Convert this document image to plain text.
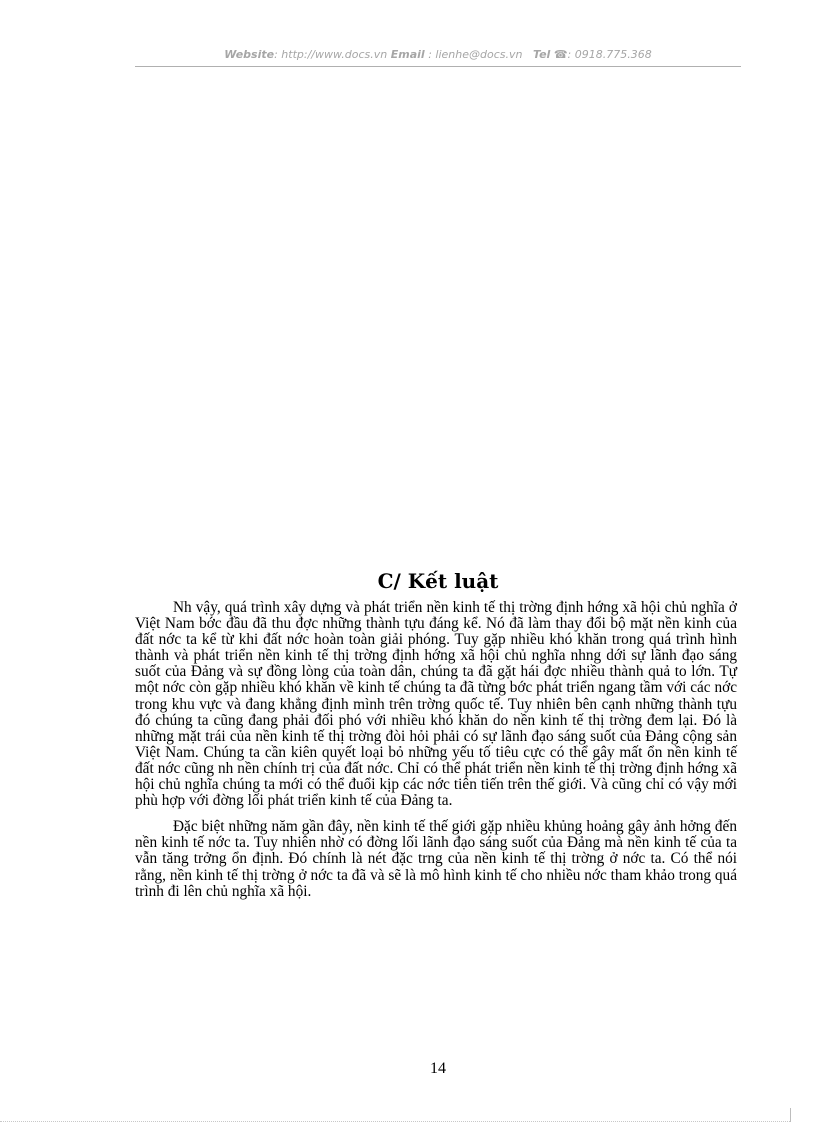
Website: http://www.docs.vn Email : lienhe@docs.vn Tel ☎: 0918.775.368
C/ Kết luật

Nh vậy, quá trình xây dựng và phát triển nền kinh tế thị trờng định hớng xã hội chủ nghĩa ở Việt Nam bớc đầu đã thu đợc những thành tựu đáng kể. Nó đã làm thay đổi bộ mặt nền kinh của đất nớc ta kể từ khi đất nớc hoàn toàn giải phóng. Tuy gặp nhiều khó khăn trong quá trình hình thành và phát triển nền kinh tế thị trờng định hớng xã hội chủ nghĩa nhng dới sự lãnh đạo sáng suốt của Đảng và sự đồng lòng của toàn dân, chúng ta đã gặt hái đợc nhiều thành quả to lớn. Tự một nớc còn gặp nhiều khó khăn về kinh tế chúng ta đã từng bớc phát triển ngang tầm với các nớc trong khu vực và đang khẳng định mình trên trờng quốc tế. Tuy nhiên bên cạnh những thành tựu đó chúng ta cũng đang phải đối phó với nhiều khó khăn do nền kinh tế thị trờng đem lại. Đó là những mặt trái của nền kinh tế thị trờng đòi hỏi phải có sự lãnh đạo sáng suốt của Đảng cộng sản Việt Nam. Chúng ta cần kiên quyết loại bỏ những yếu tố tiêu cực có thể gây mất ổn nền kinh tế đất nớc cũng nh nền chính trị của đất nớc. Chỉ có thể phát triển nền kinh tế thị trờng định hớng xã hội chủ nghĩa chúng ta mới có thể đuổi kịp các nớc tiên tiến trên thế giới. Và cũng chỉ có vậy mới phù hợp với đờng lối phát triển kinh tế của Đảng ta.

Đặc biệt những năm gần đây, nền kinh tế thế giới gặp nhiều khủng hoảng gây ảnh hởng đến nền kinh tế nớc ta. Tuy nhiên nhờ có đờng lối lãnh đạo sáng suốt của Đảng mà nền kinh tế của ta vẫn tăng trởng ổn định. Đó chính là nét đặc trng của nền kinh tế thị trờng ở nớc ta. Có thể nói rằng, nền kinh tế thị trờng ở nớc ta đã và sẽ là mô hình kinh tế cho nhiều nớc tham khảo trong quá trình đi lên chủ nghĩa xã hội.

14
